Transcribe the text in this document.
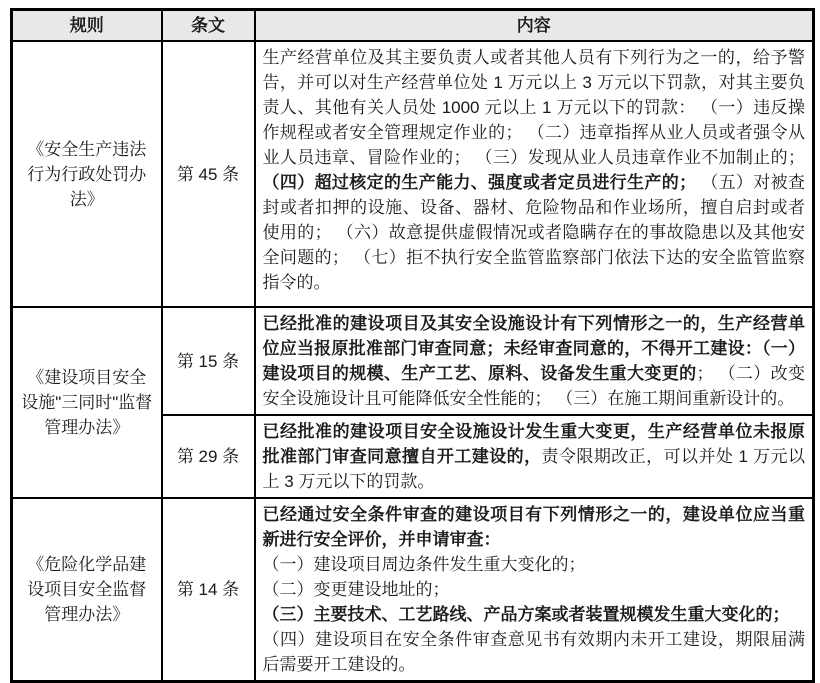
规则	条文	内容
《安全生产违法行为行政处罚办法》	第 45 条	生产经营单位及其主要负责人或者其他人员有下列行为之一的，给予警告，并可以对生产经营单位处 1 万元以上 3 万元以下罚款，对其主要负责人、其他有关人员处 1000 元以上 1 万元以下的罚款： （一）违反操作规程或者安全管理规定作业的； （二）违章指挥从业人员或者强令从业人员违章、冒险作业的； （三）发现从业人员违章作业不加制止的； （四）超过核定的生产能力、强度或者定员进行生产的； （五）对被查封或者扣押的设施、设备、器材、危险物品和作业场所，擅自启封或者使用的； （六）故意提供虚假情况或者隐瞒存在的事故隐患以及其他安全问题的； （七）拒不执行安全监管监察部门依法下达的安全监管监察指令的。
《建设项目安全设施"三同时"监督管理办法》	第 15 条	已经批准的建设项目及其安全设施设计有下列情形之一的，生产经营单位应当报原批准部门审查同意；未经审查同意的，不得开工建设：（一）建设项目的规模、生产工艺、原料、设备发生重大变更的； （二）改变安全设施设计且可能降低安全性能的； （三）在施工期间重新设计的。
	第 29 条	已经批准的建设项目安全设施设计发生重大变更，生产经营单位未报原批准部门审查同意擅自开工建设的，责令限期改正，可以并处 1 万元以上 3 万元以下的罚款。
《危险化学品建设项目安全监督管理办法》	第 14 条	已经通过安全条件审查的建设项目有下列情形之一的，建设单位应当重新进行安全评价，并申请审查：
（一）建设项目周边条件发生重大变化的；
（二）变更建设地址的；
（三）主要技术、工艺路线、产品方案或者装置规模发生重大变化的；
（四）建设项目在安全条件审查意见书有效期内未开工建设，期限届满后需要开工建设的。
